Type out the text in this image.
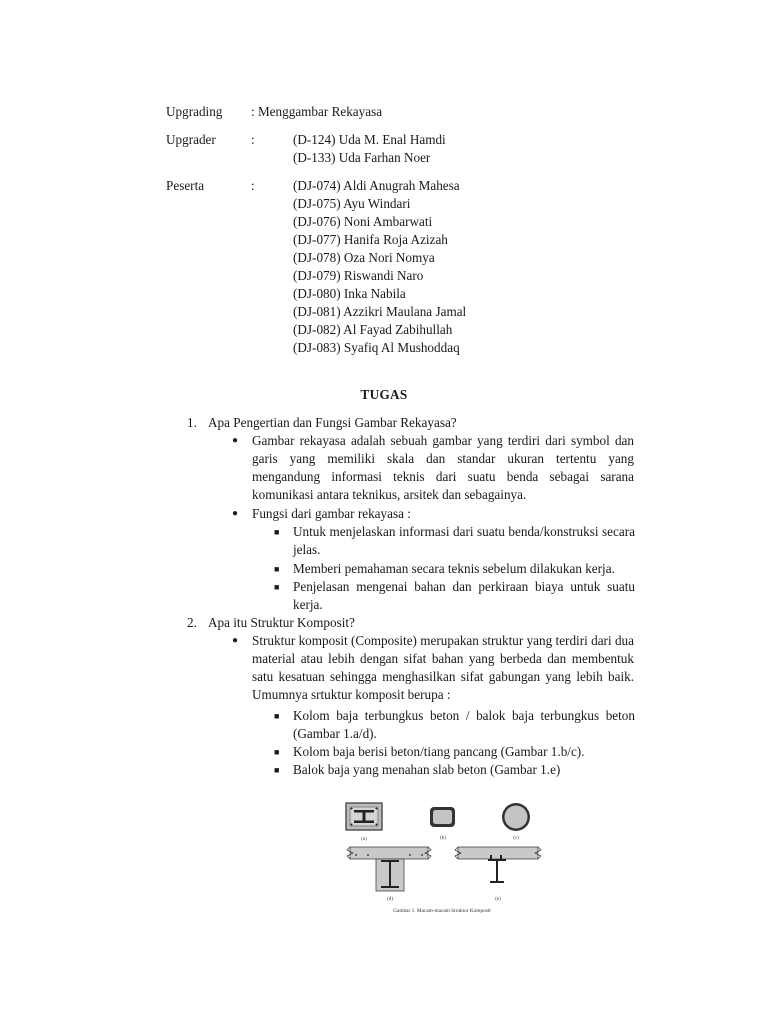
Upgrading : Menggambar Rekayasa
Upgrader	:	(D-124) Uda M. Enal Hamdi
(D-133) Uda Farhan Noer
Peserta	:	(DJ-074) Aldi Anugrah Mahesa
(DJ-075) Ayu Windari
(DJ-076) Noni Ambarwati
(DJ-077) Hanifa Roja Azizah
(DJ-078) Oza Nori Nomya
(DJ-079) Riswandi Naro
(DJ-080) Inka Nabila
(DJ-081) Azzikri Maulana Jamal
(DJ-082) Al Fayad Zabihullah
(DJ-083) Syafiq Al Mushoddaq
TUGAS
1. Apa Pengertian dan Fungsi Gambar Rekayasa?
● Gambar rekayasa adalah sebuah gambar yang terdiri dari symbol dan garis yang memiliki skala dan standar ukuran tertentu yang mengandung informasi teknis dari suatu benda sebagai sarana komunikasi antara teknikus, arsitek dan sebagainya.
● Fungsi dari gambar rekayasa :
■ Untuk menjelaskan informasi dari suatu benda/konstruksi secara jelas.
■ Memberi pemahaman secara teknis sebelum dilakukan kerja.
■ Penjelasan mengenai bahan dan perkiraan biaya untuk suatu kerja.
2. Apa itu Struktur Komposit?
● Struktur komposit (Composite) merupakan struktur yang terdiri dari dua material atau lebih dengan sifat bahan yang berbeda dan membentuk satu kesatuan sehingga menghasilkan sifat gabungan yang lebih baik. Umumnya srtuktur komposit berupa :
■ Kolom baja terbungkus beton / balok baja terbungkus beton (Gambar 1.a/d).
■ Kolom baja berisi beton/tiang pancang (Gambar 1.b/c).
■ Balok baja yang menahan slab beton (Gambar 1.e)
(a)	(b)	(c)
(d)	(e)
Gambar 1. Macam-macam Struktur Komposit
